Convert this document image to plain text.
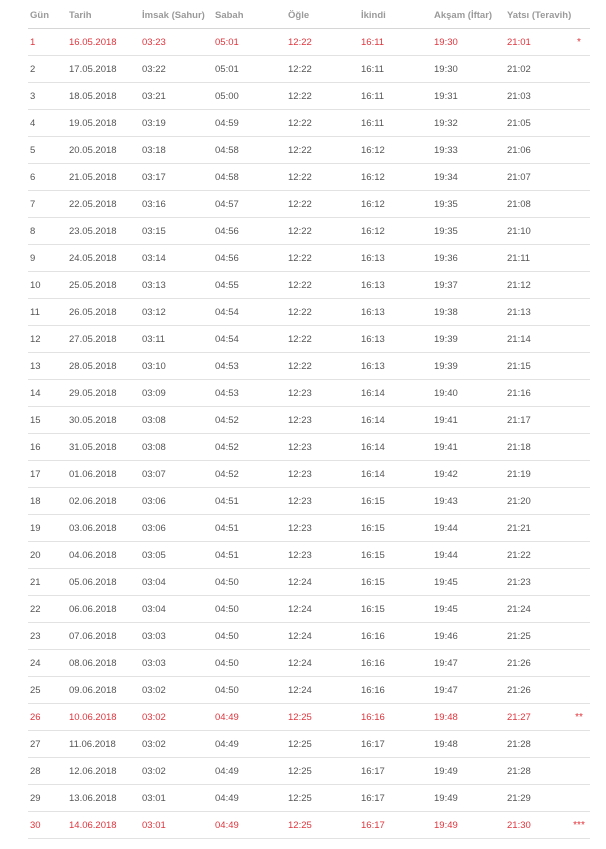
Gün	Tarih	İmsak (Sahur)	Sabah	Öğle	İkindi	Akşam (İftar)	Yatsı (Teravih)	
1	16.05.2018	03:23	05:01	12:22	16:11	19:30	21:01	*
2	17.05.2018	03:22	05:01	12:22	16:11	19:30	21:02	
3	18.05.2018	03:21	05:00	12:22	16:11	19:31	21:03	
4	19.05.2018	03:19	04:59	12:22	16:11	19:32	21:05	
5	20.05.2018	03:18	04:58	12:22	16:12	19:33	21:06	
6	21.05.2018	03:17	04:58	12:22	16:12	19:34	21:07	
7	22.05.2018	03:16	04:57	12:22	16:12	19:35	21:08	
8	23.05.2018	03:15	04:56	12:22	16:12	19:35	21:10	
9	24.05.2018	03:14	04:56	12:22	16:13	19:36	21:11	
10	25.05.2018	03:13	04:55	12:22	16:13	19:37	21:12	
11	26.05.2018	03:12	04:54	12:22	16:13	19:38	21:13	
12	27.05.2018	03:11	04:54	12:22	16:13	19:39	21:14	
13	28.05.2018	03:10	04:53	12:22	16:13	19:39	21:15	
14	29.05.2018	03:09	04:53	12:23	16:14	19:40	21:16	
15	30.05.2018	03:08	04:52	12:23	16:14	19:41	21:17	
16	31.05.2018	03:08	04:52	12:23	16:14	19:41	21:18	
17	01.06.2018	03:07	04:52	12:23	16:14	19:42	21:19	
18	02.06.2018	03:06	04:51	12:23	16:15	19:43	21:20	
19	03.06.2018	03:06	04:51	12:23	16:15	19:44	21:21	
20	04.06.2018	03:05	04:51	12:23	16:15	19:44	21:22	
21	05.06.2018	03:04	04:50	12:24	16:15	19:45	21:23	
22	06.06.2018	03:04	04:50	12:24	16:15	19:45	21:24	
23	07.06.2018	03:03	04:50	12:24	16:16	19:46	21:25	
24	08.06.2018	03:03	04:50	12:24	16:16	19:47	21:26	
25	09.06.2018	03:02	04:50	12:24	16:16	19:47	21:26	
26	10.06.2018	03:02	04:49	12:25	16:16	19:48	21:27	**
27	11.06.2018	03:02	04:49	12:25	16:17	19:48	21:28	
28	12.06.2018	03:02	04:49	12:25	16:17	19:49	21:28	
29	13.06.2018	03:01	04:49	12:25	16:17	19:49	21:29	
30	14.06.2018	03:01	04:49	12:25	16:17	19:49	21:30	***
